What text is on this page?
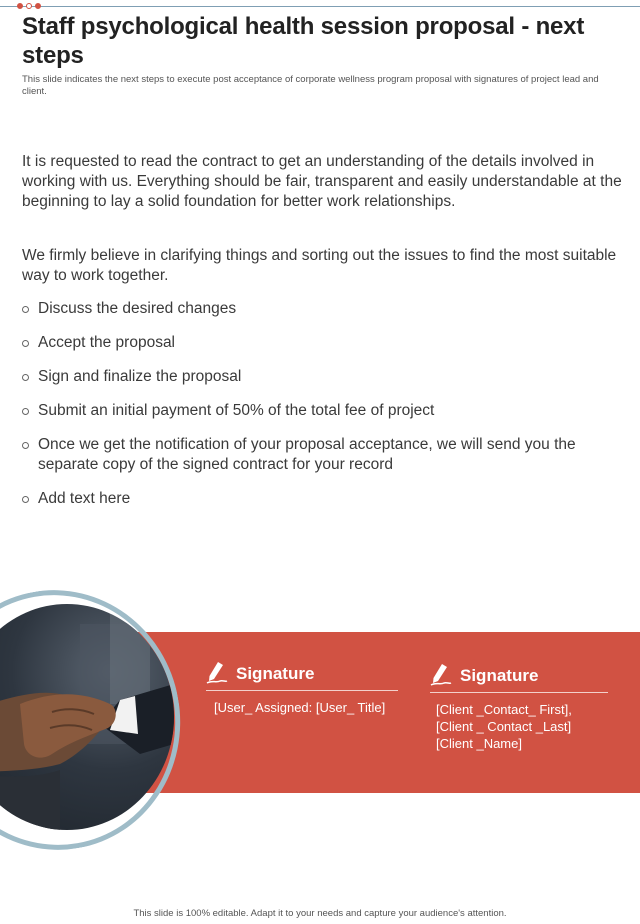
Staff psychological health session proposal - next steps

This slide indicates the next steps to execute post acceptance of corporate wellness program proposal with signatures of project lead and client.

It is requested to read the contract to get an understanding of the details involved in working with us. Everything should be fair, transparent and easily understandable at the beginning to lay a solid foundation for better work relationships.

We firmly believe in clarifying things and sorting out the issues to find the most suitable way to work together.

Discuss the desired changes
Accept the proposal
Sign and finalize the proposal
Submit an initial payment of 50% of the total fee of project
Once we get the notification of your proposal acceptance, we will send you the separate copy of the signed contract for your record
Add text here
Signature
[User_ Assigned: [User_ Title]
Signature
[Client _Contact_ First],
[Client _ Contact _Last]
[Client _Name]

This slide is 100% editable. Adapt it to your needs and capture your audience's attention.
